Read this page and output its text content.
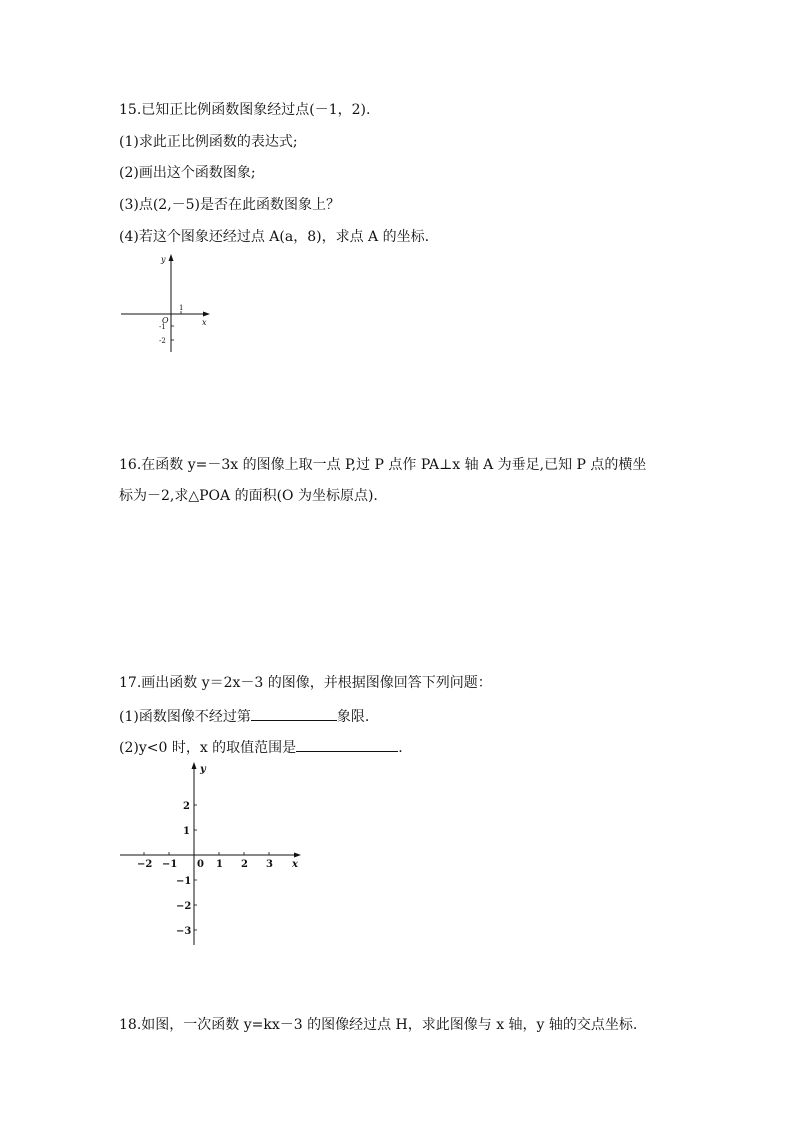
15.已知正比例函数图象经过点(－1，2).
(1)求此正比例函数的表达式;
(2)画出这个函数图象;
(3)点(2,－5)是否在此函数图象上？
(4)若这个图象还经过点 A(a，8)，求点 A 的坐标.
y
x
O
1
-1
-2
16.在函数 y=－3x 的图像上取一点 P,过 P 点作 PA⊥x 轴 A 为垂足,已知 P 点的横坐
标为－2,求△POA 的面积(O 为坐标原点).
17.画出函数 y＝2x－3 的图像，并根据图像回答下列问题：
(1)函数图像不经过第	象限.
(2)y<0 时，x 的取值范围是	.
y
x
−2 −1 0 1 2 3
2
1
−1
−2
−3
18.如图，一次函数 y=kx－3 的图像经过点 H，求此图像与 x 轴，y 轴的交点坐标.
